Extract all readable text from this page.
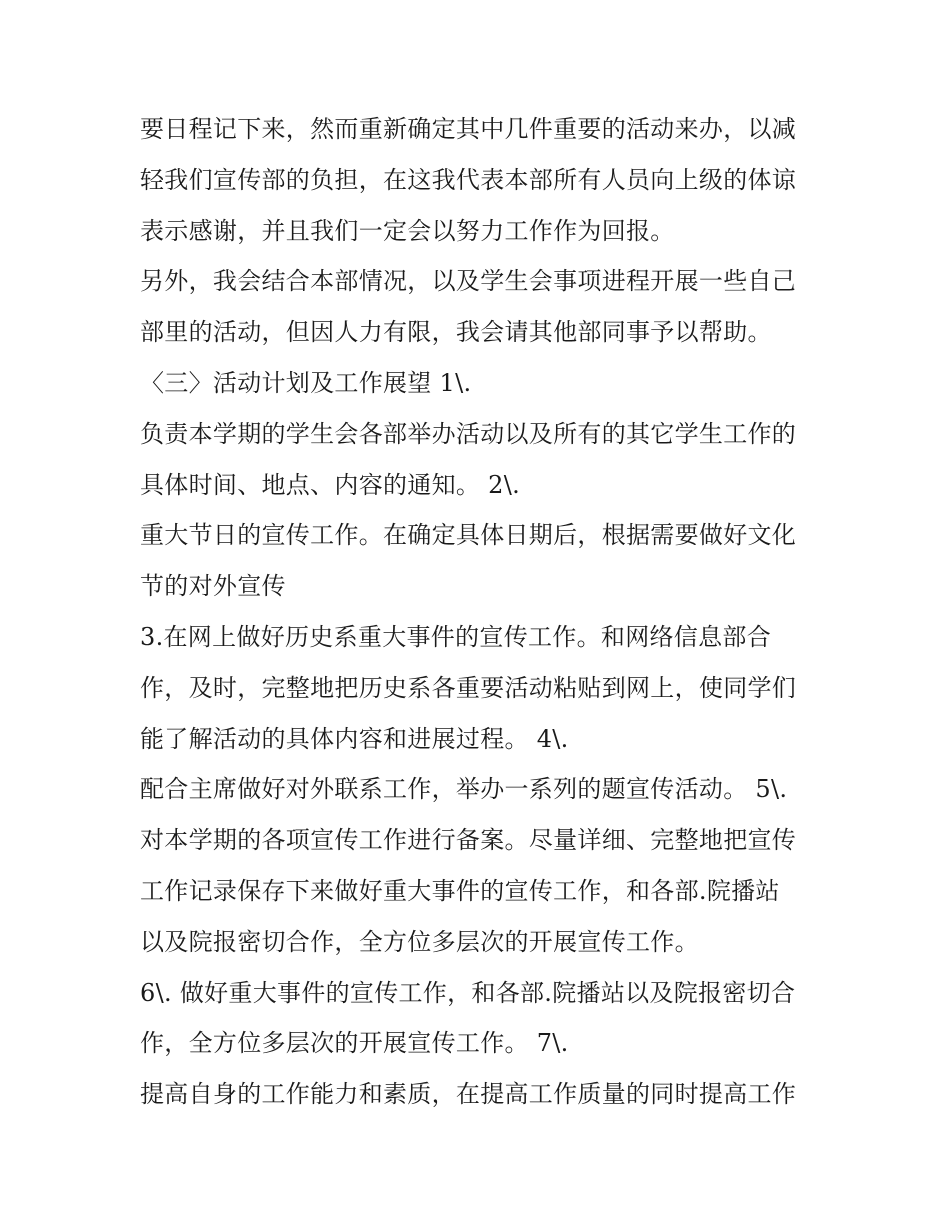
要日程记下来，然而重新确定其中几件重要的活动来办，以减
轻我们宣传部的负担，在这我代表本部所有人员向上级的体谅
表示感谢，并且我们一定会以努力工作作为回报。
另外，我会结合本部情况，以及学生会事项进程开展一些自己
部里的活动，但因人力有限，我会请其他部同事予以帮助。
〈三〉活动计划及工作展望 1\.
负责本学期的学生会各部举办活动以及所有的其它学生工作的
具体时间、地点、内容的通知。 2\.
重大节日的宣传工作。在确定具体日期后，根据需要做好文化
节的对外宣传
3.在网上做好历史系重大事件的宣传工作。和网络信息部合
作，及时，完整地把历史系各重要活动粘贴到网上，使同学们
能了解活动的具体内容和进展过程。 4\.
配合主席做好对外联系工作，举办一系列的题宣传活动。 5\.
对本学期的各项宣传工作进行备案。尽量详细、完整地把宣传
工作记录保存下来做好重大事件的宣传工作，和各部.院播站
以及院报密切合作，全方位多层次的开展宣传工作。
6\. 做好重大事件的宣传工作，和各部.院播站以及院报密切合
作，全方位多层次的开展宣传工作。 7\.
提高自身的工作能力和素质，在提高工作质量的同时提高工作
